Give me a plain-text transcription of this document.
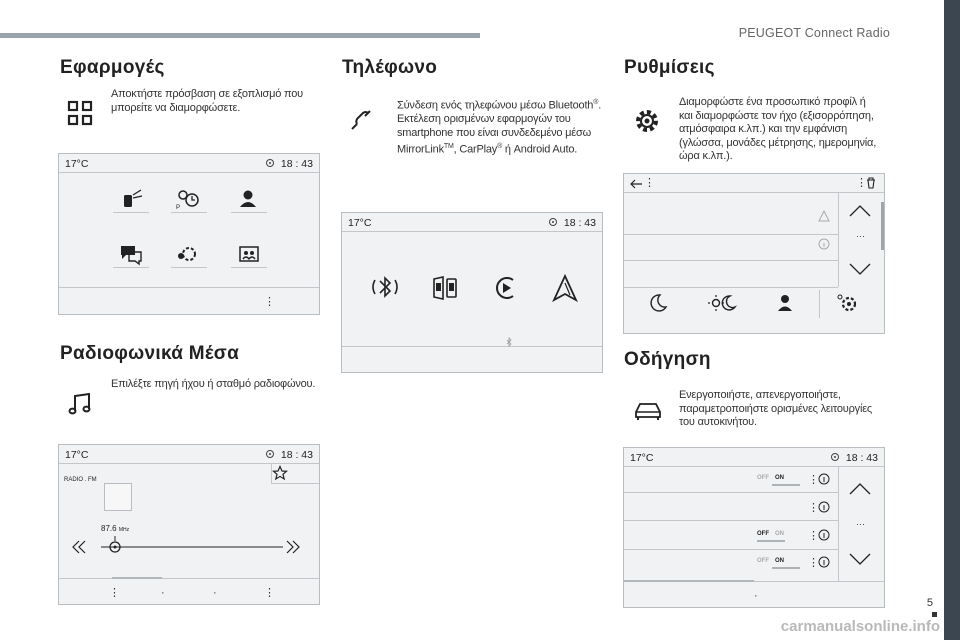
PEUGEOT Connect Radio
5
carmanualsonline.info
Εφαρμογές
Αποκτήστε πρόσβαση σε εξοπλισμό που
μπορείτε να διαμορφώσετε.
17°C	18 : 43
P
⋮
Ραδιοφωνικά Μέσα
Επιλέξτε πηγή ήχου ή σταθμό ραδιοφώνου.
17°C	18 : 43
RADIO . FM
87.6 MHz
⋮	·	·	⋮
Τηλέφωνο
Σύνδεση ενός τηλεφώνου μέσω Bluetooth®.
Εκτέλεση ορισμένων εφαρμογών του
smartphone που είναι συνδεδεμένο μέσω
MirrorLink™, CarPlay® ή Android Auto.
17°C	18 : 43
Ρυθμίσεις
Διαμορφώστε ένα προσωπικό προφίλ ή
και διαμορφώστε τον ήχο (εξισορρόπηση,
ατμόσφαιρα κ.λπ.) και την εμφάνιση
(γλώσσα, μονάδες μέτρησης, ημερομηνία,
ώρα κ.λπ.).
⋮	⋮
···
Οδήγηση
Ενεργοποιήστε, απενεργοποιήστε,
παραμετροποιήστε ορισμένες λειτουργίες
του αυτοκινήτου.
17°C	18 : 43
OFF ON ⋮
⋮
OFF ON ⋮
OFF ON ⋮
···
·
